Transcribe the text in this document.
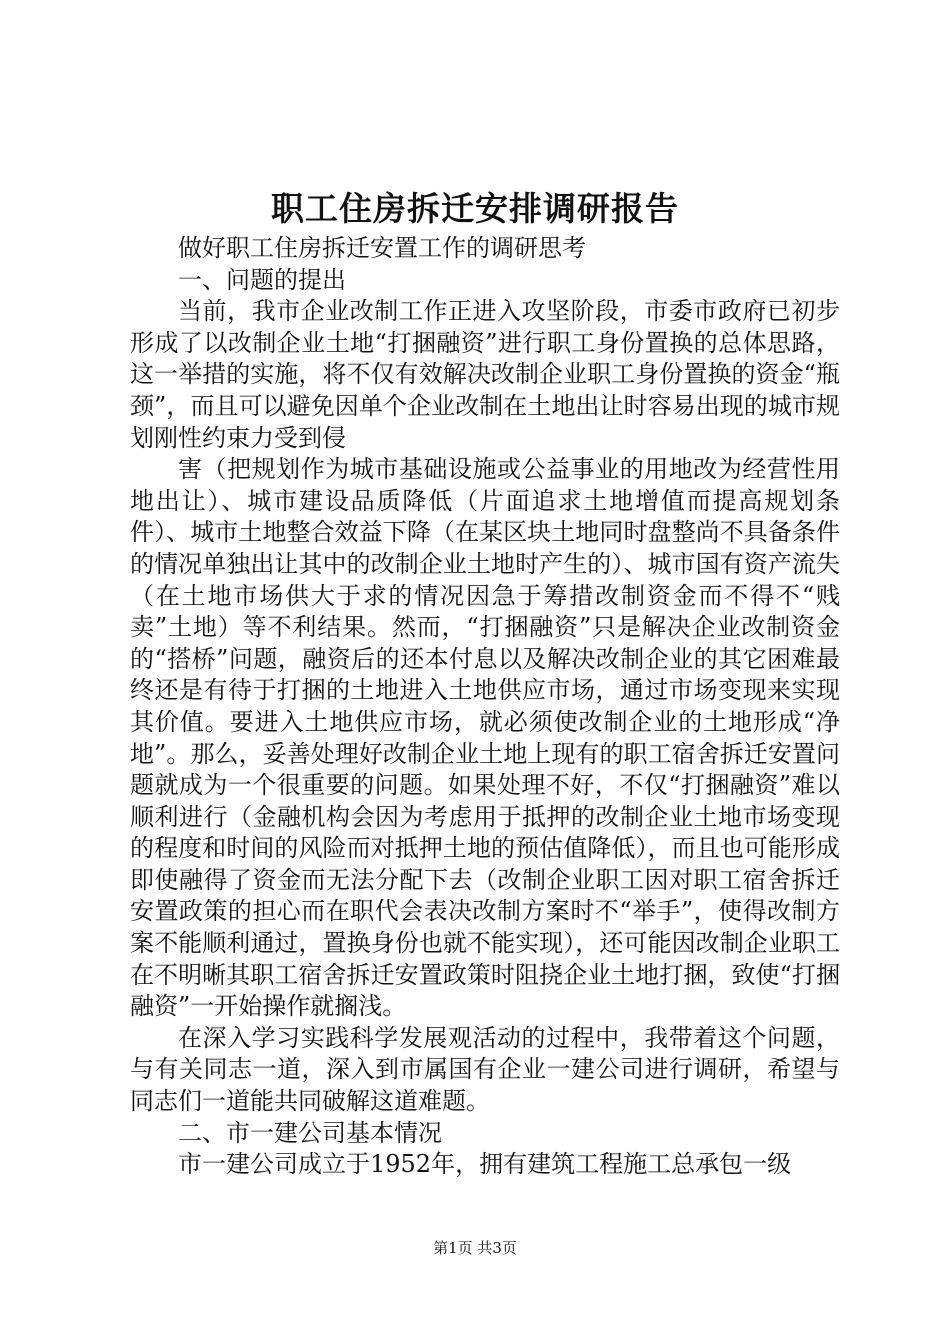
职工住房拆迁安排调研报告

做好职工住房拆迁安置工作的调研思考

一、问题的提出

当前，我市企业改制工作正进入攻坚阶段，市委市政府已初步形成了以改制企业土地“打捆融资”进行职工身份置换的总体思路，这一举措的实施，将不仅有效解决改制企业职工身份置换的资金“瓶颈”，而且可以避免因单个企业改制在土地出让时容易出现的城市规划刚性约束力受到侵

害（把规划作为城市基础设施或公益事业的用地改为经营性用地出让）、城市建设品质降低（片面追求土地增值而提高规划条件）、城市土地整合效益下降（在某区块土地同时盘整尚不具备条件的情况单独出让其中的改制企业土地时产生的）、城市国有资产流失（在土地市场供大于求的情况因急于筹措改制资金而不得不“贱卖”土地）等不利结果。然而，“打捆融资”只是解决企业改制资金的“搭桥”问题，融资后的还本付息以及解决改制企业的其它困难最终还是有待于打捆的土地进入土地供应市场，通过市场变现来实现其价值。要进入土地供应市场，就必须使改制企业的土地形成“净地”。那么，妥善处理好改制企业土地上现有的职工宿舍拆迁安置问题就成为一个很重要的问题。如果处理不好，不仅“打捆融资”难以顺利进行（金融机构会因为考虑用于抵押的改制企业土地市场变现的程度和时间的风险而对抵押土地的预估值降低），而且也可能形成即使融得了资金而无法分配下去（改制企业职工因对职工宿舍拆迁安置政策的担心而在职代会表决改制方案时不“举手”，使得改制方案不能顺利通过，置换身份也就不能实现），还可能因改制企业职工在不明晰其职工宿舍拆迁安置政策时阻挠企业土地打捆，致使“打捆融资”一开始操作就搁浅。

在深入学习实践科学发展观活动的过程中，我带着这个问题，与有关同志一道，深入到市属国有企业一建公司进行调研，希望与同志们一道能共同破解这道难题。

二、市一建公司基本情况

市一建公司成立于1952年，拥有建筑工程施工总承包一级

第1页 共3页
